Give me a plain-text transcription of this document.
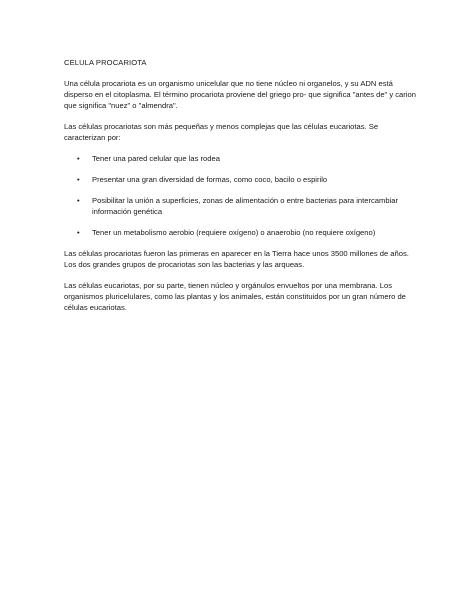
CELULA PROCARIOTA

Una célula procariota es un organismo unicelular que no tiene núcleo ni organelos, y su ADN está disperso en el citoplasma. El término procariota proviene del griego pro- que significa "antes de" y carion que significa "nuez" o "almendra".

Las células procariotas son más pequeñas y menos complejas que las células eucariotas. Se caracterizan por:

• Tener una pared celular que las rodea
• Presentar una gran diversidad de formas, como coco, bacilo o espirilo
• Posibilitar la unión a superficies, zonas de alimentación o entre bacterias para intercambiar información genética
• Tener un metabolismo aerobio (requiere oxígeno) o anaerobio (no requiere oxígeno)

Las células procariotas fueron las primeras en aparecer en la Tierra hace unos 3500 millones de años. Los dos grandes grupos de procariotas son las bacterias y las arqueas.

Las células eucariotas, por su parte, tienen núcleo y orgánulos envueltos por una membrana. Los organismos pluricelulares, como las plantas y los animales, están constituidos por un gran número de células eucariotas.
